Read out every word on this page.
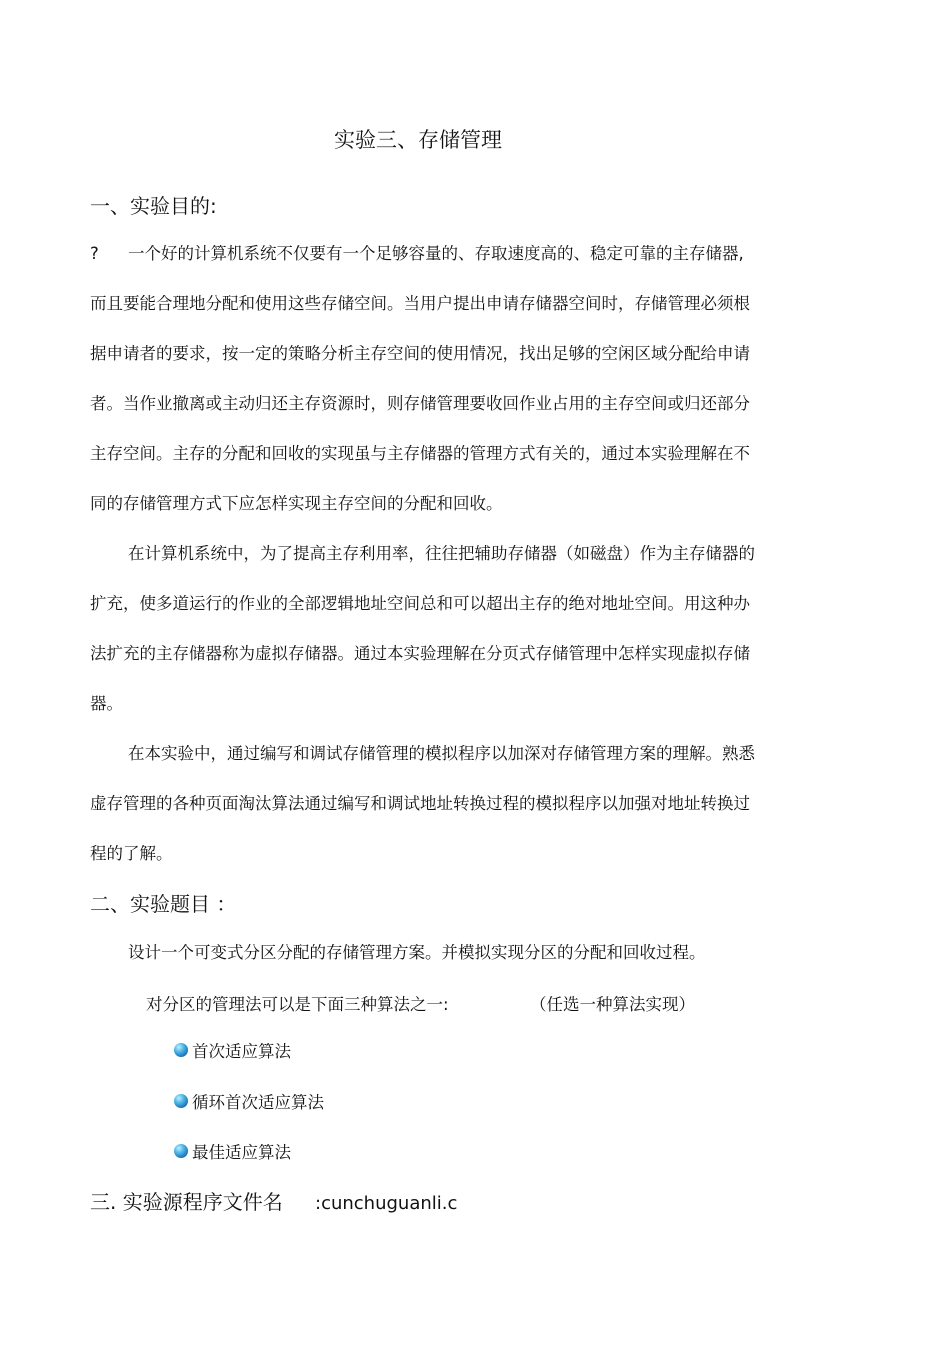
实验三、存储管理
一、实验目的:
? 一个好的计算机系统不仅要有一个足够容量的、存取速度高的、稳定可靠的主存储器,
而且要能合理地分配和使用这些存储空间。当用户提出申请存储器空间时，存储管理必须根
据申请者的要求，按一定的策略分析主存空间的使用情况，找出足够的空闲区域分配给申请
者。当作业撤离或主动归还主存资源时，则存储管理要收回作业占用的主存空间或归还部分
主存空间。主存的分配和回收的实现虽与主存储器的管理方式有关的，通过本实验理解在不
同的存储管理方式下应怎样实现主存空间的分配和回收。
在计算机系统中，为了提高主存利用率，往往把辅助存储器（如磁盘）作为主存储器的
扩充，使多道运行的作业的全部逻辑地址空间总和可以超出主存的绝对地址空间。用这种办
法扩充的主存储器称为虚拟存储器。通过本实验理解在分页式存储管理中怎样实现虚拟存储
器。
在本实验中，通过编写和调试存储管理的模拟程序以加深对存储管理方案的理解。熟悉
虚存管理的各种页面淘汰算法通过编写和调试地址转换过程的模拟程序以加强对地址转换过
程的了解。
二、实验题目 ：
设计一个可变式分区分配的存储管理方案。并模拟实现分区的分配和回收过程。
对分区的管理法可以是下面三种算法之一:	（任选一种算法实现）
首次适应算法
循环首次适应算法
最佳适应算法
三. 实验源程序文件名 :cunchuguanli.c
